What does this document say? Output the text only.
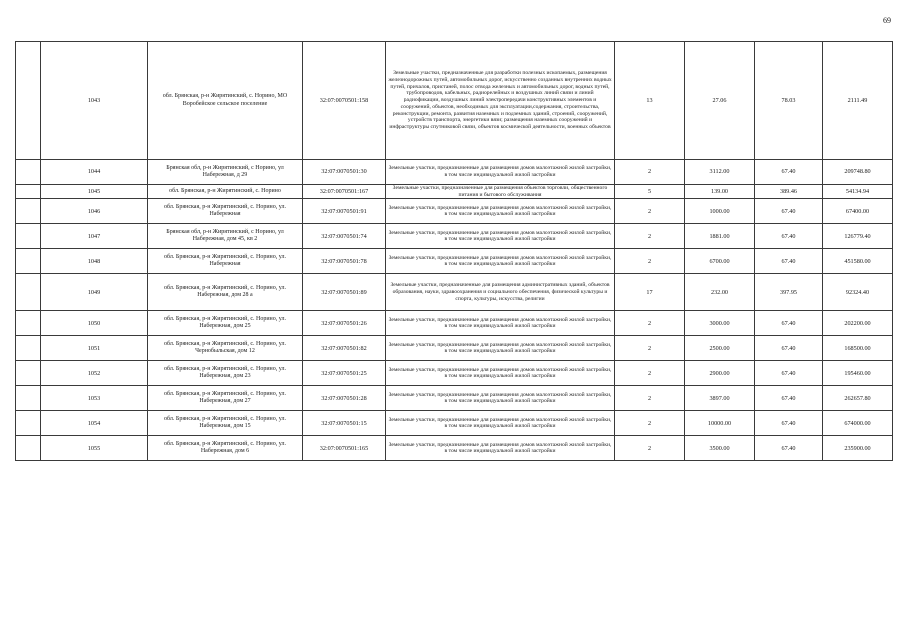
69
	1043	обл. Брянская, р-н Жирятинский, с. Норино, МО Воробейское сельское поселение	32:07:0070501:158	Земельные участки, предназначенные для разработки полезных ископаемых, размещения железнодорожных путей, автомобильных дорог, искусственно созданных внутренних водных путей, причалов, пристаней, полос отвода железных и автомобильных дорог, водных путей, трубопроводов, кабельных, радиорелейных и воздушных линий связи и линий радиофикации, воздушных линий электропередачи конструктивных элементов и сооружений, объектов, необходимых для эксплуатации,содержания, строительства, реконструкции, ремонта, развития наземных и подземных зданий, строений, сооружений, устройств транспорта, энергетики вязи; размещения наземных сооружений и инфраструктуры спутниковой связи, объектов космической деятельности, военных объектов	13	27.06	78.03	2111.49
	1044	Брянская обл, р-н Жирятинский, с Норино, ул Набережная, д 29	32:07:0070501:30	Земельные участки, предназначенные для размещения домов малоэтажной жилой застройки, в том числе индивидуальной жилой застройки	2	3112.00	67.40	209748.80
	1045	обл. Брянская, р-н Жирятинский, с. Норино	32:07:0070501:167	Земельные участки, предназначенные для размещения объектов торговли, общественного питания и бытового обслуживания	5	139.00	389.46	54134.94
	1046	обл. Брянская, р-н Жирятинский, с. Норино, ул. Набережная	32:07:0070501:91	Земельные участки, предназначенные для размещения домов малоэтажной жилой застройки, в том числе индивидуальной жилой застройки	2	1000.00	67.40	67400.00
	1047	Брянская обл, р-н Жирятинский, с Норино, ул Набережная, дом 45, кв 2	32:07:0070501:74	Земельные участки, предназначенные для размещения домов малоэтажной жилой застройки, в том числе индивидуальной жилой застройки	2	1881.00	67.40	126779.40
	1048	обл. Брянская, р-н Жирятинский, с. Норино, ул. Набережная	32:07:0070501:78	Земельные участки, предназначенные для размещения домов малоэтажной жилой застройки, в том числе индивидуальной жилой застройки	2	6700.00	67.40	451580.00
	1049	обл. Брянская, р-н Жирятинский, с. Норино, ул. Набережная, дом 28 а	32:07:0070501:89	Земельные участки, предназначенные для размещения административных зданий, объектов образования, науки, здравоохранения и социального обеспечения, физической культуры и спорта, культуры, искусства, религии	17	232.00	397.95	92324.40
	1050	обл. Брянская, р-н Жирятинский, с. Норино, ул. Набережная, дом 25	32:07:0070501:26	Земельные участки, предназначенные для размещения домов малоэтажной жилой застройки, в том числе индивидуальной жилой застройки	2	3000.00	67.40	202200.00
	1051	обл. Брянская, р-н Жирятинский, с. Норино, ул. Чернобыльская, дом 12	32:07:0070501:82	Земельные участки, предназначенные для размещения домов малоэтажной жилой застройки, в том числе индивидуальной жилой застройки	2	2500.00	67.40	168500.00
	1052	обл. Брянская, р-н Жирятинский, с. Норино, ул. Набережная, дом 23	32:07:0070501:25	Земельные участки, предназначенные для размещения домов малоэтажной жилой застройки, в том числе индивидуальной жилой застройки	2	2900.00	67.40	195460.00
	1053	обл. Брянская, р-н Жирятинский, с. Норино, ул. Набережная, дом 27	32:07:0070501:28	Земельные участки, предназначенные для размещения домов малоэтажной жилой застройки, в том числе индивидуальной жилой застройки	2	3897.00	67.40	262657.80
	1054	обл. Брянская, р-н Жирятинский, с. Норино, ул. Набережная, дом 15	32:07:0070501:15	Земельные участки, предназначенные для размещения домов малоэтажной жилой застройки, в том числе индивидуальной жилой застройки	2	10000.00	67.40	674000.00
	1055	обл. Брянская, р-н Жирятинский, с. Норино, ул. Набережная, дом 6	32:07:0070501:165	Земельные участки, предназначенные для размещения домов малоэтажной жилой застройки, в том числе индивидуальной жилой застройки	2	3500.00	67.40	235900.00
